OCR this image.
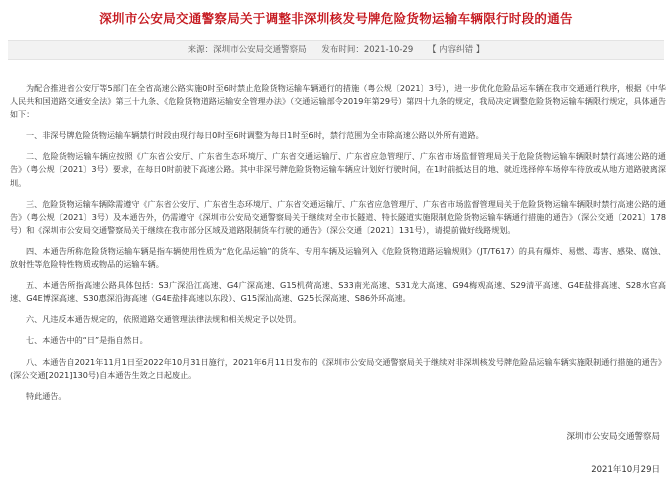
深圳市公安局交通警察局关于调整非深圳核发号牌危险货物运输车辆限行时段的通告
来源：深圳市公安局交通警察局 发布时间：2021-10-29 【 内容纠错 】

为配合推进省公安厅等5部门在全省高速公路实施0时至6时禁止危险货物运输车辆通行的措施（粤公规〔2021〕3号），进一步优化危险品运车辆在我市交通通行秩序，根据《中华人民共和国道路交通安全法》第三十九条、《危险货物道路运输安全管理办法》（交通运输部令2019年第29号）第四十九条的规定，我局决定调整危险货物运输车辆限行规定，具体通告如下：

一、非深号牌危险货物运输车辆禁行时段由现行每日0时至6时调整为每日1时至6时，禁行范围为全市除高速公路以外所有道路。

二、危险货物运输车辆应按照《广东省公安厅、广东省生态环境厅、广东省交通运输厅、广东省应急管理厅、广东省市场监督管理局关于危险货物运输车辆限时禁行高速公路的通告》（粤公规〔2021〕3号）要求，在每日0时前驶下高速公路。其中非深号牌危险货物运输车辆应计划好行驶时间，在1时前抵达目的地、就近选择停车场停车待放或从地方道路驶离深圳。

三、危险货物运输车辆除需遵守《广东省公安厅、广东省生态环境厅、广东省交通运输厅、广东省应急管理厅、广东省市场监督管理局关于危险货物运输车辆限时禁行高速公路的通告》（粤公规〔2021〕3号）及本通告外，仍需遵守《深圳市公安局交通警察局关于继续对全市长隧道、特长隧道实施限制危险货物运输车辆通行措施的通告》（深公交通〔2021〕178号）和《深圳市公安局交通警察局关于继续在我市部分区域及道路限制货车行驶的通告》（深公交通〔2021〕131号），请提前做好线路规划。

四、本通告所称危险货物运输车辆是指车辆使用性质为“危化品运输”的货车、专用车辆及运输列入《危险货物道路运输规则》（JT/T617）的具有爆炸、易燃、毒害、感染、腐蚀、放射性等危险特性物质或物品的运输车辆。

五、本通告所指高速公路具体包括：S3广深沿江高速、G4广深高速、G15机荷高速、S33南光高速、S31龙大高速、G94梅观高速、S29清平高速、G4E盐排高速、S28水官高速、G4E博深高速、S30惠深沿海高速（G4E盐排高速以东段）、G15深汕高速、G25长深高速、S86外环高速。

六、凡违反本通告规定的，依照道路交通管理法律法规和相关规定予以处罚。

七、本通告中的“日”是指自然日。

八、本通告自2021年11月1日至2022年10月31日施行，2021年6月11日发布的《深圳市公安局交通警察局关于继续对非深圳核发号牌危险品运输车辆实施限制通行措施的通告》(深公交通[2021]130号)自本通告生效之日起废止。

特此通告。

深圳市公安局交通警察局
2021年10月29日
